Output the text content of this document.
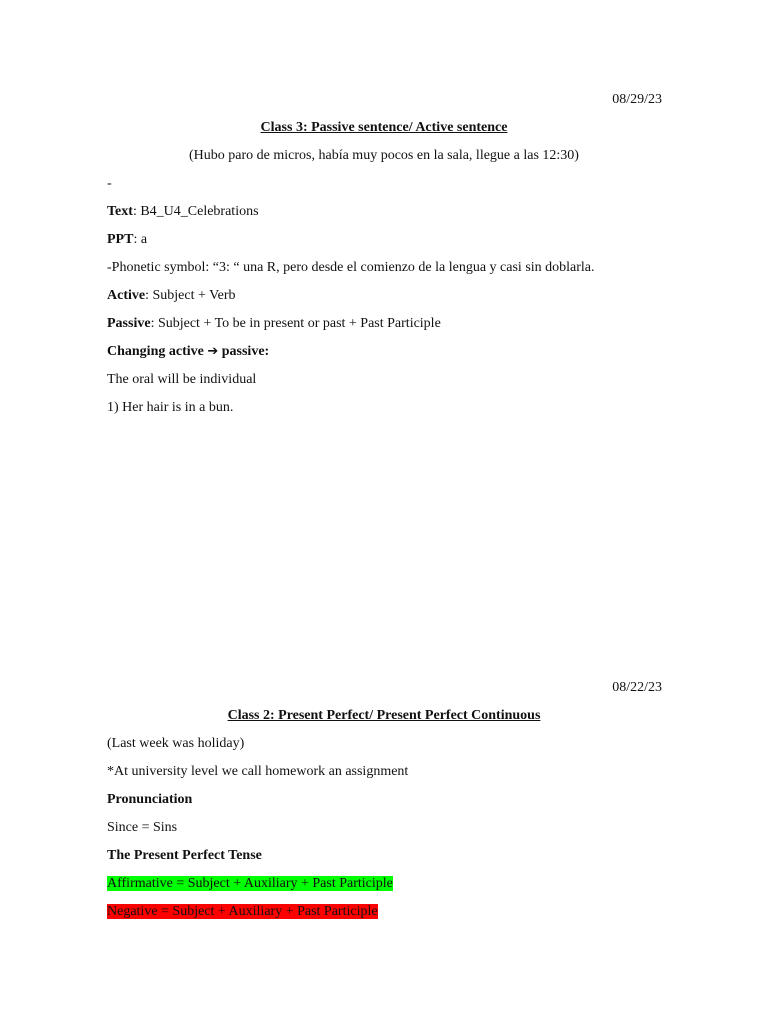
08/29/23
Class 3: Passive sentence/ Active sentence
(Hubo paro de micros, había muy pocos en la sala, llegue a las 12:30)
-
Text: B4_U4_Celebrations
PPT: a
-Phonetic symbol: “3: “ una R, pero desde el comienzo de la lengua y casi sin doblarla.
Active: Subject + Verb
Passive: Subject + To be in present or past + Past Participle
Changing active ➔ passive:
The oral will be individual
1) Her hair is in a bun.
08/22/23
Class 2: Present Perfect/ Present Perfect Continuous
(Last week was holiday)
*At university level we call homework an assignment
Pronunciation
Since = Sins
The Present Perfect Tense
Affirmative = Subject + Auxiliary + Past Participle
Negative = Subject + Auxiliary + Past Participle
